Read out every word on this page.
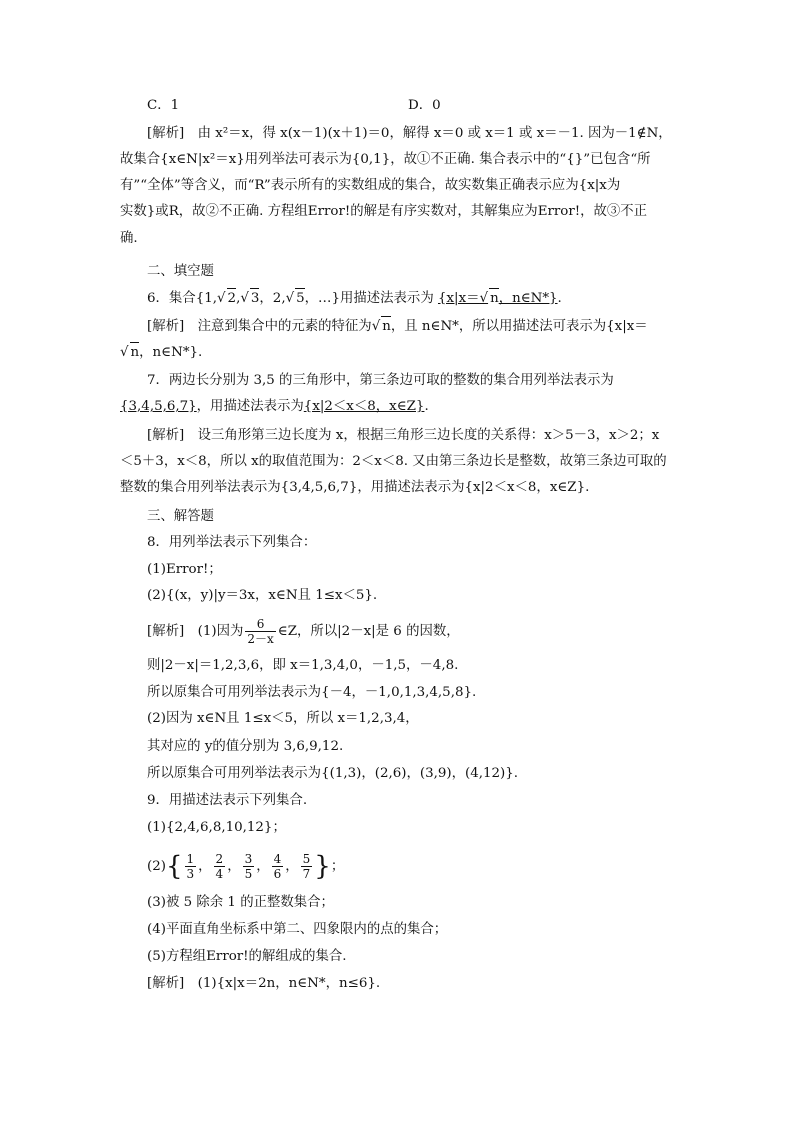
C．1	D．0
[解析]　由 x²＝x，得 x(x－1)(x＋1)＝0，解得 x＝0 或 x＝1 或 x＝－1. 因为－1∉N，
故集合{x∈N|x²＝x}用列举法可表示为{0,1}，故①不正确. 集合表示中的“{}”已包含“所
有”“全体”等含义，而“R”表示所有的实数组成的集合，故实数集正确表示应为{x|x为
实数}或R，故②不正确. 方程组Error!的解是有序实数对，其解集应为Error!，故③不正
确.
二、填空题
6．集合{1,√ 2,√ 3，2,√ 5，…}用描述法表示为 {x|x＝√ n，n∈N*}.
[解析]　注意到集合中的元素的特征为√ n，且 n∈N*，所以用描述法可表示为{x|x＝
√ n，n∈N*}.
7．两边长分别为 3,5 的三角形中，第三条边可取的整数的集合用列举法表示为
{3,4,5,6,7}，用描述法表示为{x|2＜x＜8，x∈Z}.
[解析]　设三角形第三边长度为 x，根据三角形三边长度的关系得：x＞5－3，x＞2；x
＜5＋3，x＜8，所以 x的取值范围为：2＜x＜8. 又由第三条边长是整数，故第三条边可取的
整数的集合用列举法表示为{3,4,5,6,7}，用描述法表示为{x|2＜x＜8，x∈Z}.
三、解答题
8．用列举法表示下列集合：
(1)Error!；
(2){(x，y)|y＝3x，x∈N且 1≤x＜5}.
[解析]　(1)因为 $\frac{6}{2-x}$ ∈Z，所以|2－x|是 6 的因数，
则|2－x|＝1,2,3,6，即 x＝1,3,4,0，－1,5，－4,8.
所以原集合可用列举法表示为{－4，－1,0,1,3,4,5,8}.
(2)因为 x∈N且 1≤x＜5，所以 x＝1,2,3,4，
其对应的 y的值分别为 3,6,9,12.
所以原集合可用列举法表示为{(1,3)，(2,6)，(3,9)，(4,12)}.
9．用描述法表示下列集合.
(1){2,4,6,8,10,12}；
$(2)\{ \frac{1}{3}$ ， $\frac{2}{4}$ ， $\frac{3}{5}$ ， $\frac{4}{6}$ ， $\frac{5}{7}$ }；
(3)被 5 除余 1 的正整数集合；
(4)平面直角坐标系中第二、四象限内的点的集合；
(5)方程组Error!的解组成的集合.
[解析]　(1){x|x＝2n，n∈N*，n≤6}.
